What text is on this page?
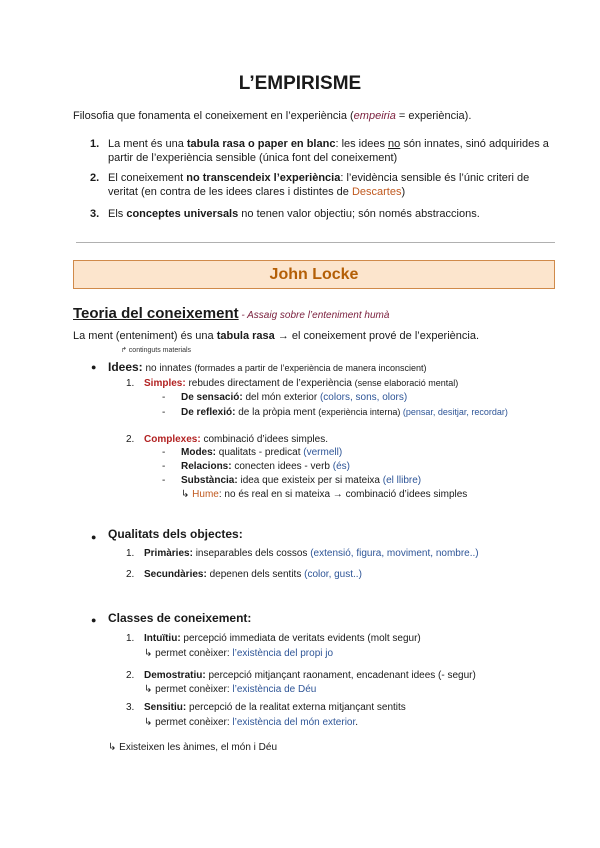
L’EMPIRISME
Filosofia que fonamenta el coneixement en l’experiència (empeiria = experiència).
1. La ment és una tabula rasa o paper en blanc: les idees no són innates, sinó adquirides a
partir de l’experiència sensible (única font del coneixement)
2. El coneixement no transcendeix l’experiència: l’evidència sensible és l’únic criteri de
veritat (en contra de les idees clares i distintes de Descartes)
3. Els conceptes universals no tenen valor objectiu; són només abstraccions.
John Locke
Teoria del coneixement - Assaig sobre l’enteniment humà
La ment (enteniment) és una tabula rasa → el coneixement prové de l’experiència.
↱ continguts materials
● Idees: no innates (formades a partir de l’experiència de manera inconscient)
1. Simples: rebudes directament de l’experiència (sense elaboració mental)
- De sensació: del món exterior (colors, sons, olors)
- De reflexió: de la pròpia ment (experiència interna) (pensar, desitjar, recordar)
2. Complexes: combinació d’idees simples.
- Modes: qualitats - predicat (vermell)
- Relacions: conecten idees - verb (és)
- Substància: idea que existeix per si mateixa (el llibre)
↳ Hume: no és real en si mateixa → combinació d’idees simples
● Qualitats dels objectes:
1. Primàries: inseparables dels cossos (extensió, figura, moviment, nombre..)
2. Secundàries: depenen dels sentits (color, gust..)
● Classes de coneixement:
1. Intuïtiu: percepció immediata de veritats evidents (molt segur)
↳ permet conèixer: l’existència del propi jo
2. Demostratiu: percepció mitjançant raonament, encadenant idees (- segur)
↳ permet conèixer: l’existència de Déu
3. Sensitiu: percepció de la realitat externa mitjançant sentits
↳ permet conèixer: l’existència del món exterior.
↳ Existeixen les ànimes, el món i Déu
